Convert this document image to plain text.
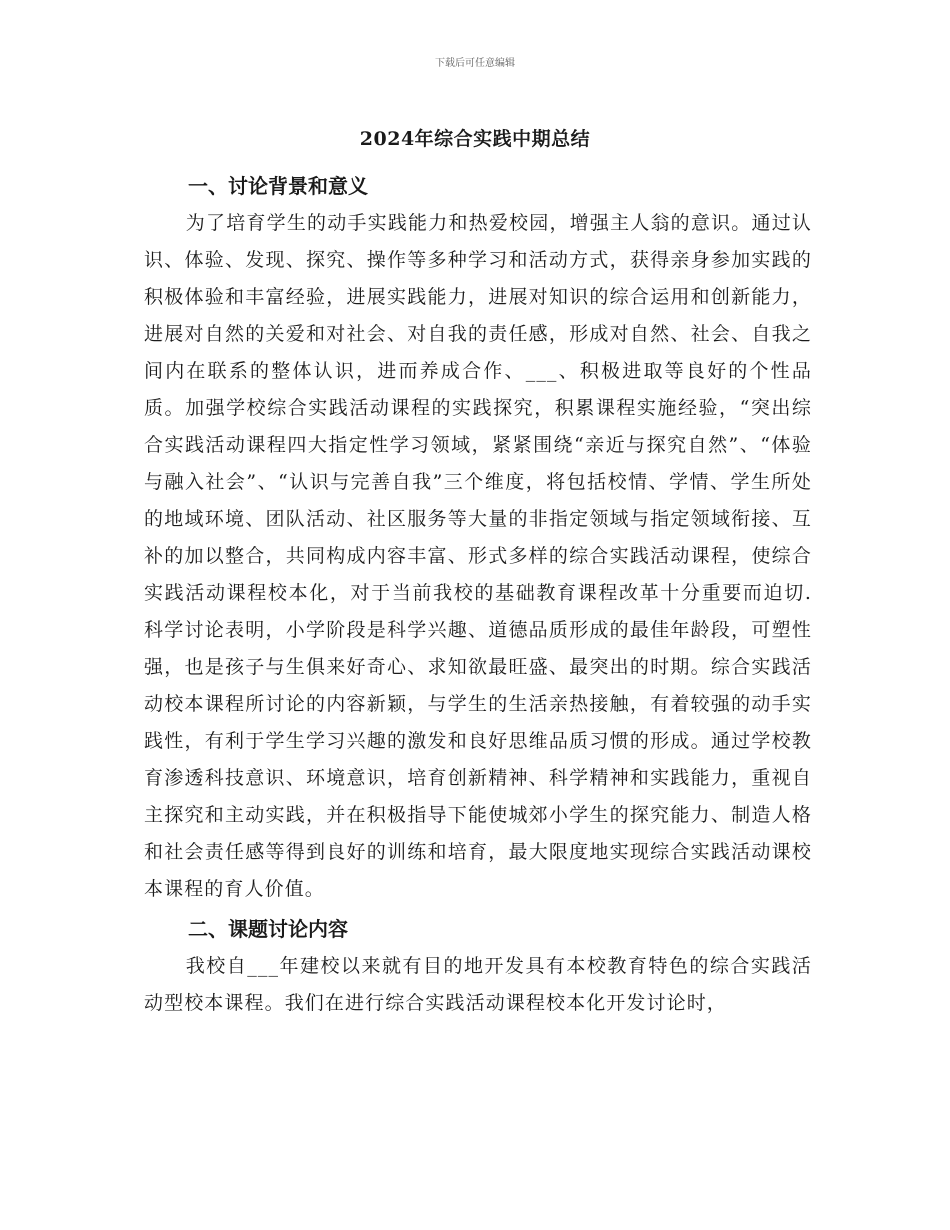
下载后可任意编辑
2024年综合实践中期总结
一、讨论背景和意义

为了培育学生的动手实践能力和热爱校园，增强主人翁的意识。通过认识、体验、发现、探究、操作等多种学习和活动方式，获得亲身参加实践的积极体验和丰富经验，进展实践能力，进展对知识的综合运用和创新能力，进展对自然的关爱和对社会、对自我的责任感，形成对自然、社会、自我之间内在联系的整体认识，进而养成合作、___、积极进取等良好的个性品质。加强学校综合实践活动课程的实践探究，积累课程实施经验，“突出综合实践活动课程四大指定性学习领域，紧紧围绕“亲近与探究自然”、“体验与融入社会”、“认识与完善自我”三个维度，将包括校情、学情、学生所处的地域环境、团队活动、社区服务等大量的非指定领域与指定领域衔接、互补的加以整合，共同构成内容丰富、形式多样的综合实践活动课程，使综合实践活动课程校本化，对于当前我校的基础教育课程改革十分重要而迫切.科学讨论表明，小学阶段是科学兴趣、道德品质形成的最佳年龄段，可塑性强，也是孩子与生俱来好奇心、求知欲最旺盛、最突出的时期。综合实践活动校本课程所讨论的内容新颖，与学生的生活亲热接触，有着较强的动手实践性，有利于学生学习兴趣的激发和良好思维品质习惯的形成。通过学校教育渗透科技意识、环境意识，培育创新精神、科学精神和实践能力，重视自主探究和主动实践，并在积极指导下能使城郊小学生的探究能力、制造人格和社会责任感等得到良好的训练和培育，最大限度地实现综合实践活动课校本课程的育人价值。

二、课题讨论内容

我校自___年建校以来就有目的地开发具有本校教育特色的综合实践活动型校本课程。我们在进行综合实践活动课程校本化开发讨论时，
